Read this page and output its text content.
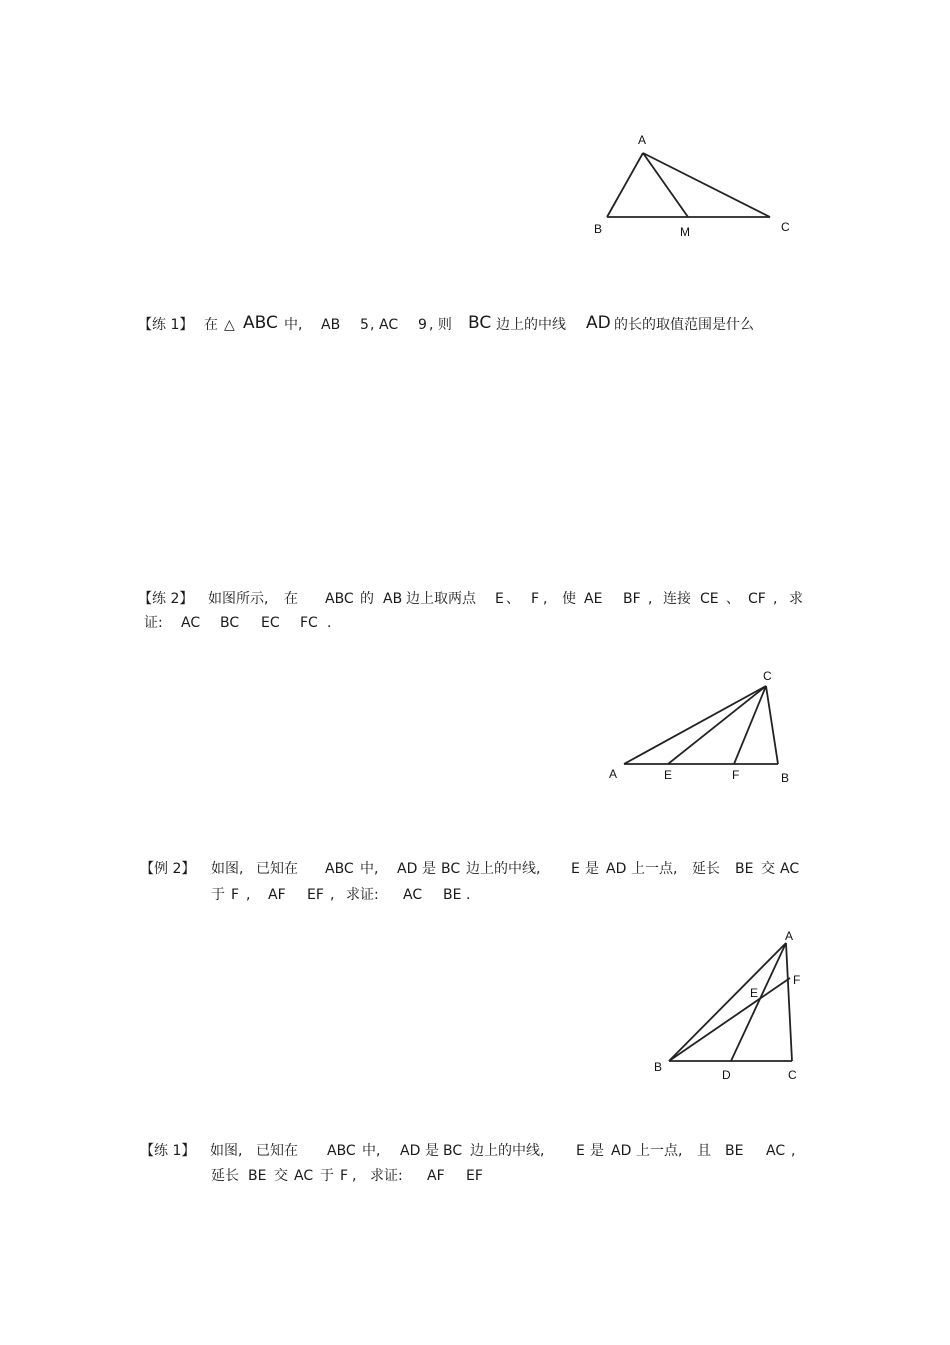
A
B	M	C
【练 1】 在 △ ABC 中, AB 5 , AC 9 , 则 BC 边上的中线 AD 的长的取值范围是什么
【练 2】 如图所示, 在 ABC 的 AB 边上取两点 E 、 F , 使 AE BF , 连接 CE 、 CF , 求
证: AC BC EC FC .
C
A	E	F	B
【例 2】 如图, 已知在 ABC 中, AD 是 BC 边上的中线, E 是 AD 上一点, 延长 BE 交 AC
于 F , AF EF , 求证: AC BE .
A
F
E
B
D	C
【练 1】 如图, 已知在 ABC 中, AD 是 BC 边上的中线, E 是 AD 上一点, 且 BE AC ,
延长 BE 交 AC 于 F , 求证: AF EF
